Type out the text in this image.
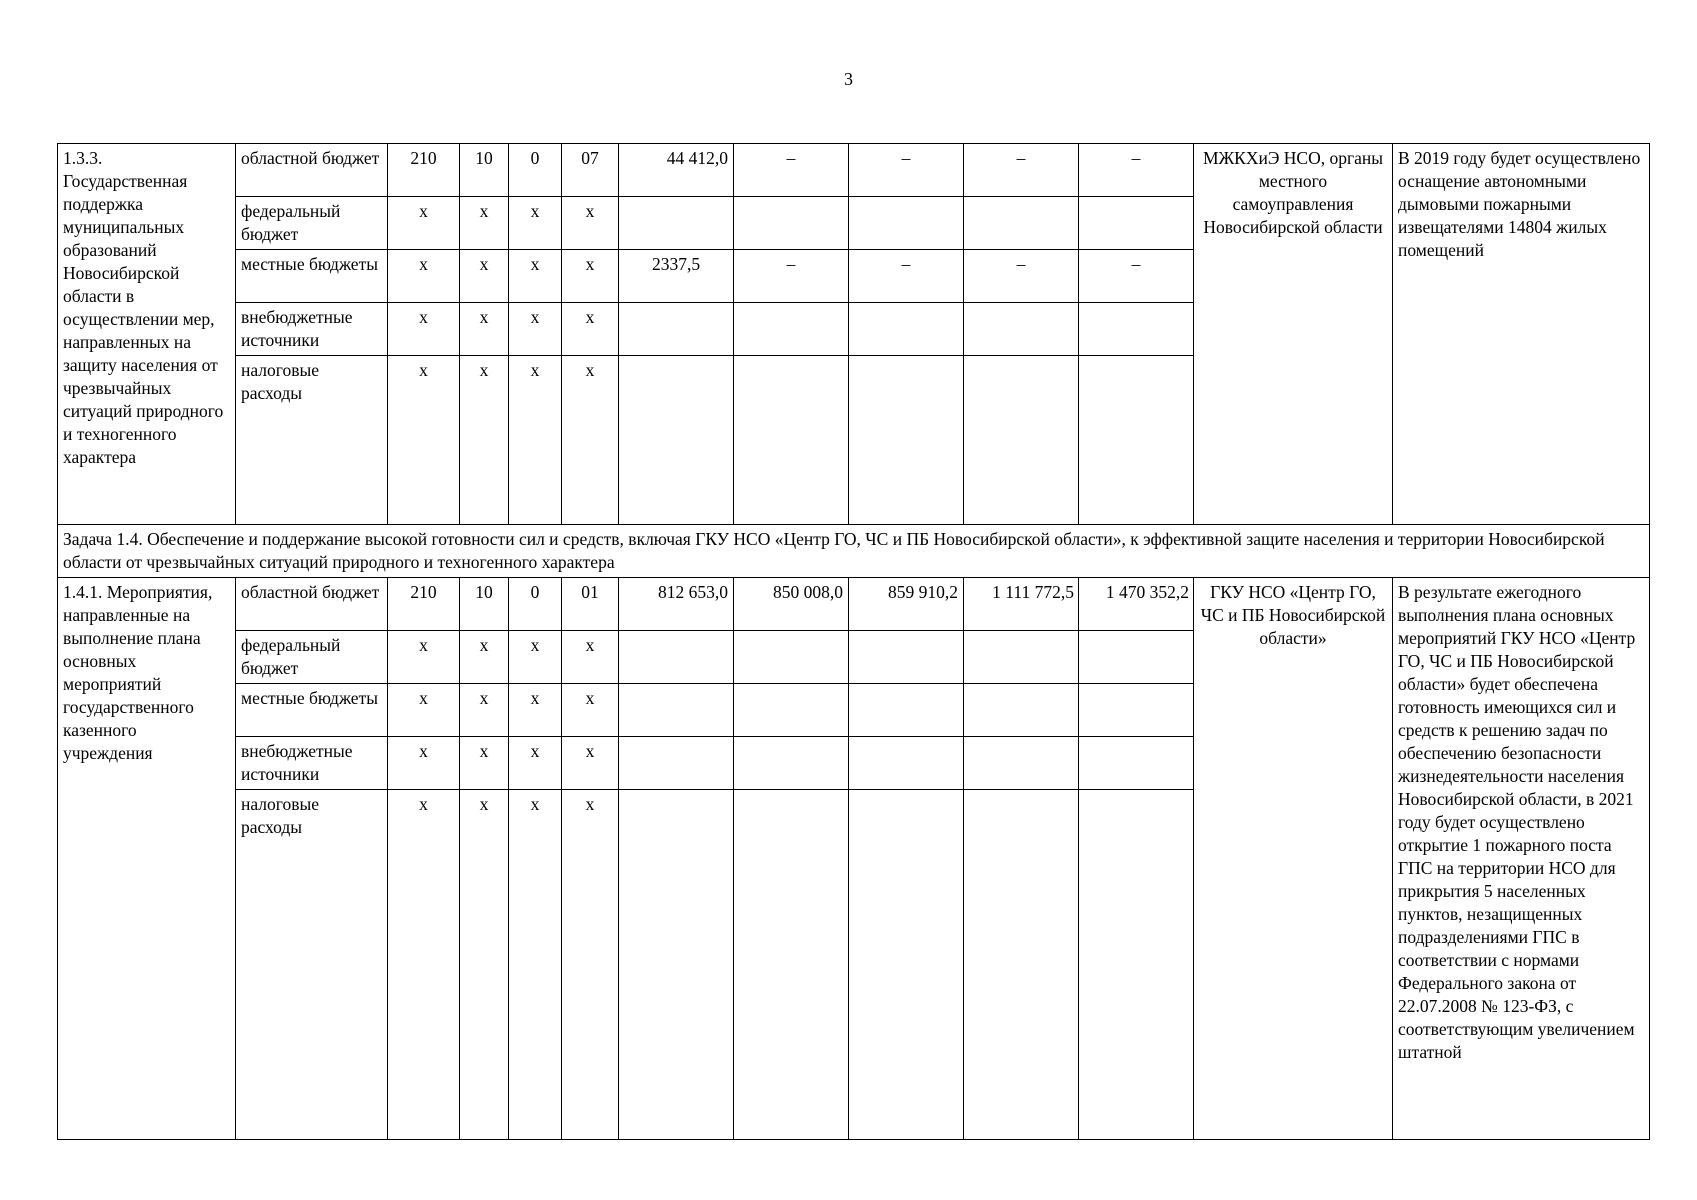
3
1.3.3. Государственная поддержка муниципальных образований Новосибирской области в осуществлении мер, направленных на защиту населения от чрезвычайных ситуаций природного и техногенного характера	областной бюджет	210	10	0	07	44 412,0	–	–	–	–	МЖКХиЭ НСО, органы местного самоуправления Новосибирской области	В 2019 году будет осуществлено оснащение автономными дымовыми пожарными извещателями 14804 жилых помещений
	федеральный бюджет	х	х	х	х							
	местные бюджеты	х	х	х	х	2337,5	–	–	–	–		
	внебюджетные источники	х	х	х	х							
	налоговые расходы	х	х	х	х							
Задача 1.4. Обеспечение и поддержание высокой готовности сил и средств, включая ГКУ НСО «Центр ГО, ЧС и ПБ Новосибирской области», к эффективной защите населения и территории Новосибирской области от чрезвычайных ситуаций природного и техногенного характера												
1.4.1. Мероприятия, направленные на выполнение плана основных мероприятий государственного казенного учреждения	областной бюджет	210	10	0	01	812 653,0	850 008,0	859 910,2	1 111 772,5	1 470 352,2	ГКУ НСО «Центр ГО, ЧС и ПБ Новосибирской области»	В результате ежегодного выполнения плана основных мероприятий ГКУ НСО «Центр ГО, ЧС и ПБ Новосибирской области» будет обеспечена готовность имеющихся сил и средств к решению задач по обеспечению безопасности жизнедеятельности населения Новосибирской области, в 2021 году будет осуществлено открытие 1 пожарного поста ГПС на территории НСО для прикрытия 5 населенных пунктов, незащищенных подразделениями ГПС в соответствии с нормами Федерального закона от 22.07.2008 № 123-ФЗ, с соответствующим увеличением штатной
	федеральный бюджет	х	х	х	х							
	местные бюджеты	х	х	х	х							
	внебюджетные источники	х	х	х	х							
	налоговые расходы	х	х	х	х							
